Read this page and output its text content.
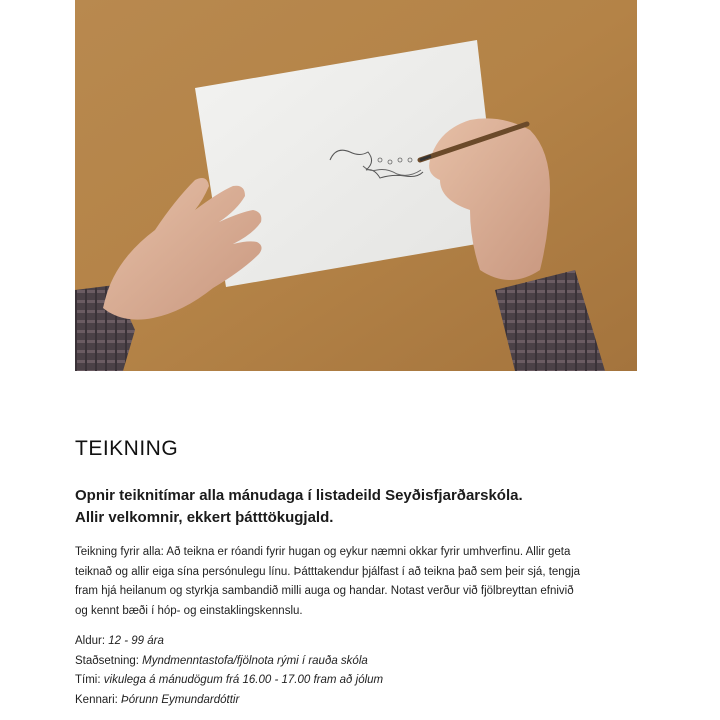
TEIKNING
Opnir teiknitímar alla mánudaga í listadeild Seyðisfjarðarskóla.
Allir velkomnir, ekkert þátttökugjald.
Teikning fyrir alla: Að teikna er róandi fyrir hugan og eykur næmni okkar fyrir umhverfinu. Allir geta
teiknað og allir eiga sína persónulegu línu. Þátttakendur þjálfast í að teikna það sem þeir sjá, tengja
fram hjá heilanum og styrkja sambandið milli auga og handar. Notast verður við fjölbreyttan efnivið
og kennt bæði í hóp- og einstaklingskennslu.
Aldur: 12 - 99 ára
Staðsetning: Myndmenntastofa/fjölnota rými í rauða skóla
Tími: vikulega á mánudögum frá 16.00 - 17.00 fram að jólum
Kennari: Þórunn Eymundardóttir
